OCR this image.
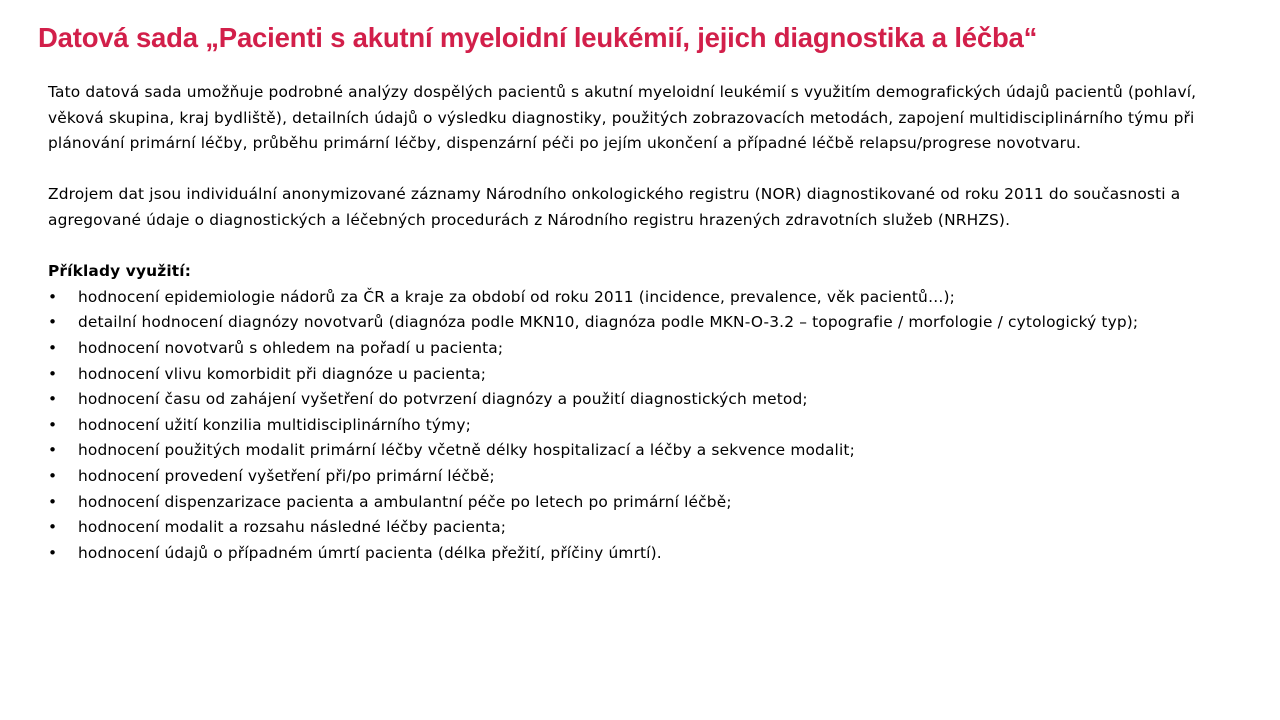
Datová sada „Pacienti s akutní myeloidní leukémií, jejich diagnostika a léčba“

Tato datová sada umožňuje podrobné analýzy dospělých pacientů s akutní myeloidní leukémií s využitím demografických údajů pacientů (pohlaví, věková skupina, kraj bydliště), detailních údajů o výsledku diagnostiky, použitých zobrazovacích metodách, zapojení multidisciplinárního týmu při plánování primární léčby, průběhu primární léčby, dispenzární péči po jejím ukončení a případné léčbě relapsu/progrese novotvaru.

Zdrojem dat jsou individuální anonymizované záznamy Národního onkologického registru (NOR) diagnostikované od roku 2011 do současnosti a agregované údaje o diagnostických a léčebných procedurách z Národního registru hrazených zdravotních služeb (NRHZS).

Příklady využití:

• hodnocení epidemiologie nádorů za ČR a kraje za období od roku 2011 (incidence, prevalence, věk pacientů…);
• detailní hodnocení diagnózy novotvarů (diagnóza podle MKN10, diagnóza podle MKN-O-3.2 – topografie / morfologie / cytologický typ);
• hodnocení novotvarů s ohledem na pořadí u pacienta;
• hodnocení vlivu komorbidit při diagnóze u pacienta;
• hodnocení času od zahájení vyšetření do potvrzení diagnózy a použití diagnostických metod;
• hodnocení užití konzilia multidisciplinárního týmy;
• hodnocení použitých modalit primární léčby včetně délky hospitalizací a léčby a sekvence modalit;
• hodnocení provedení vyšetření při/po primární léčbě;
• hodnocení dispenzarizace pacienta a ambulantní péče po letech po primární léčbě;
• hodnocení modalit a rozsahu následné léčby pacienta;
• hodnocení údajů o případném úmrtí pacienta (délka přežití, příčiny úmrtí).
